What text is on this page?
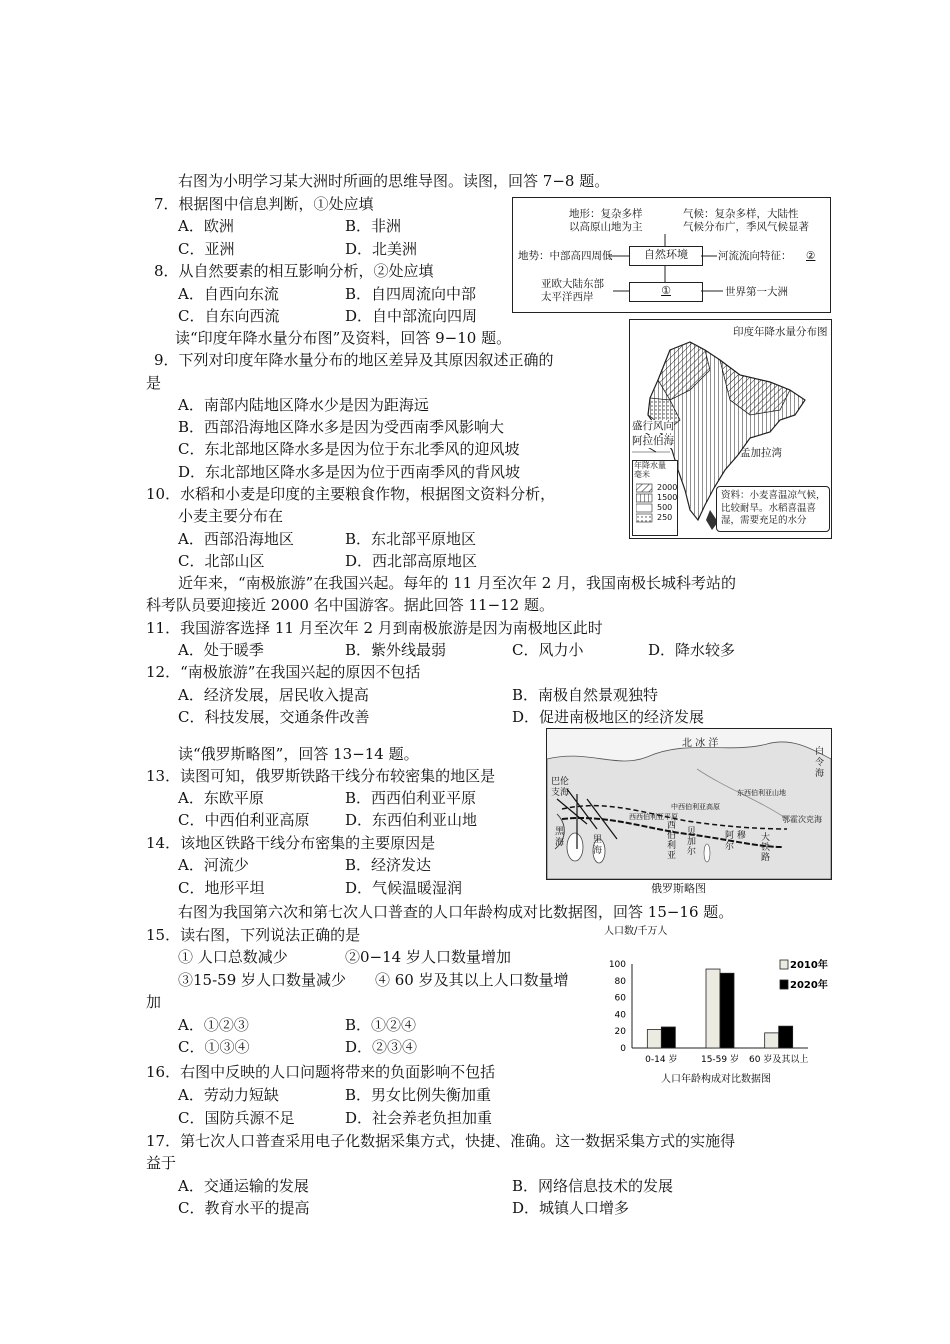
右图为小明学习某大洲时所画的思维导图。读图，回答 7−8 题。
7．根据图中信息判断，①处应填
A．欧洲	B．非洲
C．亚洲	D．北美洲
8．从自然要素的相互影响分析，②处应填
A．自西向东流	B．自四周流向中部
C．自东向西流	D．自中部流向四周
地形：复杂多样
以高原山地为主
气候：复杂多样，大陆性
气候分布广，季风气候显著
地势：中部高四周低	自然环境	河流流向特征： ②
亚欧大陆东部
太平洋西岸	①	世界第一大洲
读“印度年降水量分布图”及资料，回答 9−10 题。
9．下列对印度年降水量分布的地区差异及其原因叙述正确的
是
A．南部内陆地区降水少是因为距海远
B．西部沿海地区降水多是因为受西南季风影响大
C．东北部地区降水多是因为位于东北季风的迎风坡
D．东北部地区降水多是因为位于西南季风的背风坡
10．水稻和小麦是印度的主要粮食作物，根据图文资料分析，
小麦主要分布在
A．西部沿海地区	B．东北部平原地区
C．北部山区	D．西北部高原地区
印度年降水量分布图
盛行风向
阿拉伯海
孟加拉湾
年降水量
毫米
2000
1500
500
250
资料：小麦喜温凉气候，
比较耐旱。水稻喜温喜
湿，需要充足的水分
近年来，“南极旅游”在我国兴起。每年的 11 月至次年 2 月，我国南极长城科考站的
科考队员要迎接近 2000 名中国游客。据此回答 11−12 题。
11．我国游客选择 11 月至次年 2 月到南极旅游是因为南极地区此时
A．处于暖季	B．紫外线最弱	C．风力小	D．降水较多
12．“南极旅游”在我国兴起的原因不包括
A．经济发展，居民收入提高	B．南极自然景观独特
C．科技发展，交通条件改善	D．促进南极地区的经济发展
读“俄罗斯略图”，回答 13−14 题。
13．读图可知，俄罗斯铁路干线分布较密集的地区是
A．东欧平原	B．西西伯利亚平原
C．中西伯利亚高原 D．东西伯利亚山地
14．该地区铁路干线分布密集的主要原因是
A．河流少	B．经济发达
C．地形平坦	D．气候温暖湿润
北 冰 洋
白
令
海
巴伦
支海
黑
海	里
海
中西伯利亚高原
西西伯利亚平原
东西伯利亚山地
西
伯
利
亚
贝
加
尔
阿 穆
尔
大
铁
路
鄂霍次克海
俄罗斯略图
右图为我国第六次和第七次人口普查的人口年龄构成对比数据图，回答 15−16 题。
15．读右图，下列说法正确的是
① 人口总数减少	②0−14 岁人口数量增加
③15-59 岁人口数量减少 ④ 60 岁及其以上人口数量增
加
A．①②③	B．①②④
C．①③④	D．②③④
16．右图中反映的人口问题将带来的负面影响不包括
A．劳动力短缺	B．男女比例失衡加重
C．国防兵源不足	D．社会养老负担加重
人口数/千万人
0
20
40
60
80
100
0-14 岁	15-59 岁 60 岁及其以上
2010年
2020年
人口年龄构成对比数据图
17．第七次人口普查采用电子化数据采集方式，快捷、准确。这一数据采集方式的实施得
益于
A．交通运输的发展	B．网络信息技术的发展
C．教育水平的提高	D．城镇人口增多
